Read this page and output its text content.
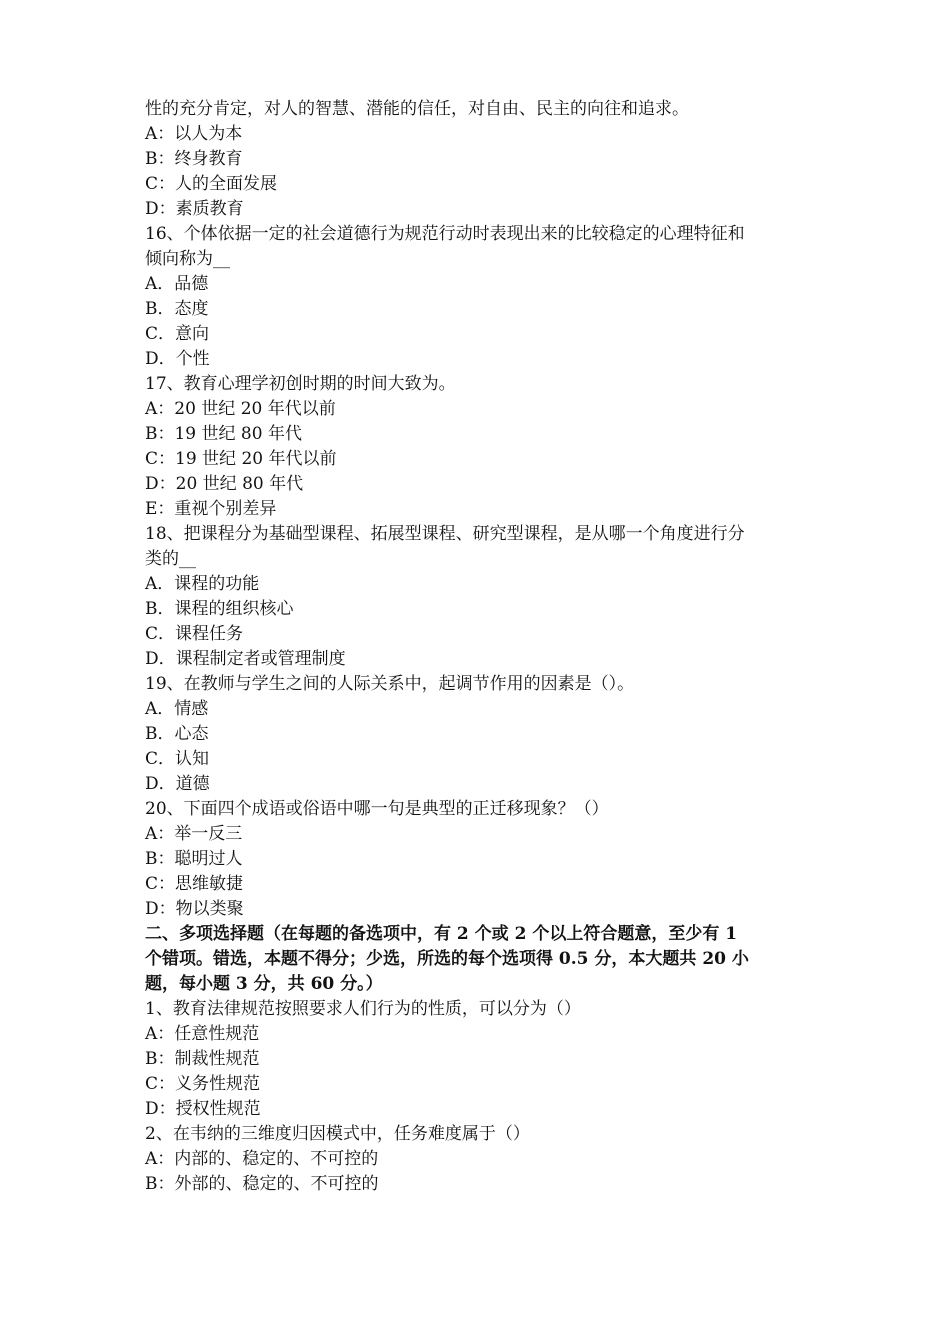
性的充分肯定，对人的智慧、潜能的信任，对自由、民主的向往和追求。
A：以人为本
B：终身教育
C：人的全面发展
D：素质教育
16、个体依据一定的社会道德行为规范行动时表现出来的比较稳定的心理特征和
倾向称为__
A．品德
B．态度
C．意向
D．个性
17、教育心理学初创时期的时间大致为。
A：20 世纪 20 年代以前
B：19 世纪 80 年代
C：19 世纪 20 年代以前
D：20 世纪 80 年代
E：重视个别差异
18、把课程分为基础型课程、拓展型课程、研究型课程，是从哪一个角度进行分
类的__
A．课程的功能
B．课程的组织核心
C．课程任务
D．课程制定者或管理制度
19、在教师与学生之间的人际关系中，起调节作用的因素是（）。
A．情感
B．心态
C．认知
D．道德
20、下面四个成语或俗语中哪一句是典型的正迁移现象？（）
A：举一反三
B：聪明过人
C：思维敏捷
D：物以类聚
二、多项选择题（在每题的备选项中，有 2 个或 2 个以上符合题意，至少有 1
个错项。错选，本题不得分；少选，所选的每个选项得 0.5 分，本大题共 20 小
题，每小题 3 分，共 60 分。）
1、教育法律规范按照要求人们行为的性质，可以分为（）
A：任意性规范
B：制裁性规范
C：义务性规范
D：授权性规范
2、在韦纳的三维度归因模式中，任务难度属于（）
A：内部的、稳定的、不可控的
B：外部的、稳定的、不可控的
